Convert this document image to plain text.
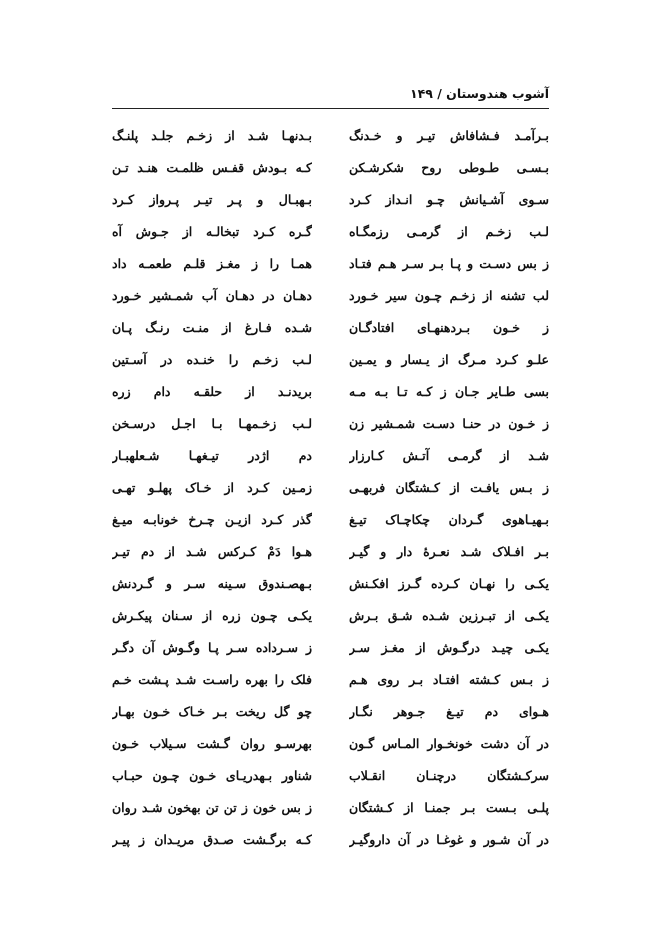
آشوب هندوستان / ۱۴۹
بـرآمـد فـشافاش تیـر و خـدنگ
بـدنهـا شـد از زخـم جلـد پلنـگ
بـسـی طـوطی روح شکرشـکن
کـه بـودش قفـس ظلمـت هنـد تـن
سـوی آشـیانش چـو انـداز کـرد
بـهبـال و پـر تیـر پـرواز کـرد
لـب زخـم از گرمـی رزمگـاه
گـره کـرد تبخالـه از جـوش آه
ز بس دسـت و پـا بـر سـر هـم فتـاد
همـا را ز مغـز قلـم طعمـه داد
لب تشنه از زخـم چـون سیر خـورد
دهـان در دهـان آب شمـشیر خـورد
ز خـون بـردهنهـای افتادگـان
شـده فـارغ از منـت رنـگ پـان
علـو کـرد مـرگ از یـسار و یمـین
لـب زخـم را خنـده در آسـتین
بسی طـایر جـان ز کـه تـا بـه مـه
بریدنـد از حلقـه دام زره
ز خـون در حنـا دسـت شمـشیر زن
لـب زخـمهـا بـا اجـل درسـخن
شـد از گرمـی آتـش کـارزار
دم اژدر تیـغهـا شـعلهبـار
ز بـس یافـت از کـشتگان فربهـی
زمـین کـرد از خـاک پهلـو تهـی
بـهیـاهوی گـردان چکاچـاک تیـغ
گذر کـرد ازیـن چـرخ خونابـه میـغ
بـر افـلاک شـد نعـرهٔ دار و گیـر
هـوا دَمْ کـرکس شـد از دم تیـر
یکـی را نهـان کـرده گـرز افکـنش
بـهصـندوق سـینه سـر و گـردنش
یکـی از تبـرزین شـده شـق بـرش
یکـی چـون زره از سـنان پیکـرش
یکـی چیـد درگـوش از مغـز سـر
ز سـرداده سـر پـا وگـوش آن دگـر
ز بـس کـشته افتـاد بـر روی هـم
فلک را بهره راسـت شـد پـشت خـم
هـوای دم تیـغ جـوهر نگـار
چو گل ریخت بـر خـاک خـون بهـار
در آن دشت خونخـوار المـاس گـون
بهرسـو روان گـشت سـیلاب خـون
سرکـشتگان درچنـان انقـلاب
شناور بـهدریـای خـون چـون حبـاب
پلـی بـست بـر جمنـا از کـشتگان
ز بس خون ز تن تن بهخون شـد روان
در آن شـور و غوغـا در آن داروگیـر
کـه برگـشت صـدق مریـدان ز پیـر
